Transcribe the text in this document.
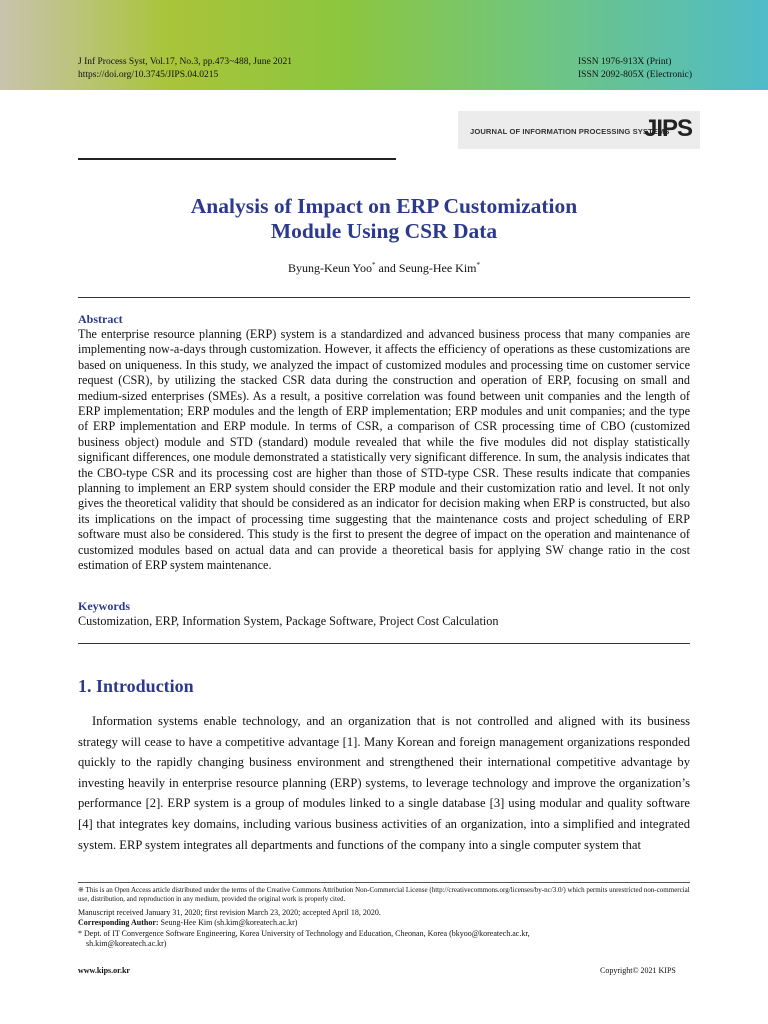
J Inf Process Syst, Vol.17, No.3, pp.473~488, June 2021
https://doi.org/10.3745/JIPS.04.0215
ISSN 1976-913X (Print)
ISSN 2092-805X (Electronic)
JOURNAL OF INFORMATION PROCESSING SYSTEMS
JIPS
Analysis of Impact on ERP Customization
Module Using CSR Data
Byung-Keun Yoo* and Seung-Hee Kim*
Abstract

The enterprise resource planning (ERP) system is a standardized and advanced business process that many companies are implementing now-a-days through customization. However, it affects the efficiency of operations as these customizations are based on uniqueness. In this study, we analyzed the impact of customized modules and processing time on customer service request (CSR), by utilizing the stacked CSR data during the construction and operation of ERP, focusing on small and medium-sized enterprises (SMEs). As a result, a positive correlation was found between unit companies and the length of ERP implementation; ERP modules and the length of ERP implementation; ERP modules and unit companies; and the type of ERP implementation and ERP module. In terms of CSR, a comparison of CSR processing time of CBO (customized business object) module and STD (standard) module revealed that while the five modules did not display statistically significant differences, one module demonstrated a statistically very significant difference. In sum, the analysis indicates that the CBO-type CSR and its processing cost are higher than those of STD-type CSR. These results indicate that companies planning to implement an ERP system should consider the ERP module and their customization ratio and level. It not only gives the theoretical validity that should be considered as an indicator for decision making when ERP is constructed, but also its implications on the impact of processing time suggesting that the maintenance costs and project scheduling of ERP software must also be considered. This study is the first to present the degree of impact on the operation and maintenance of customized modules based on actual data and can provide a theoretical basis for applying SW change ratio in the cost estimation of ERP system maintenance.

Keywords
Customization, ERP, Information System, Package Software, Project Cost Calculation
1. Introduction

Information systems enable technology, and an organization that is not controlled and aligned with its business strategy will cease to have a competitive advantage [1]. Many Korean and foreign management organizations responded quickly to the rapidly changing business environment and strengthened their international competitive advantage by investing heavily in enterprise resource planning (ERP) systems, to leverage technology and improve the organization’s performance [2]. ERP system is a group of modules linked to a single database [3] using modular and quality software [4] that integrates key domains, including various business activities of an organization, into a simplified and integrated system. ERP system integrates all departments and functions of the company into a single computer system that

※ This is an Open Access article distributed under the terms of the Creative Commons Attribution Non-Commercial License (http://creativecommons.org/licenses/by-nc/3.0/) which permits unrestricted non-commercial use, distribution, and reproduction in any medium, provided the original work is properly cited.

Manuscript received January 31, 2020; first revision March 23, 2020; accepted April 18, 2020.

Corresponding Author: Seung-Hee Kim (sh.kim@koreatech.ac.kr)

* Dept. of IT Convergence Software Engineering, Korea University of Technology and Education, Cheonan, Korea (bkyoo@koreatech.ac.kr,

sh.kim@koreatech.ac.kr)

www.kips.or.kr	Copyright© 2021 KIPS
